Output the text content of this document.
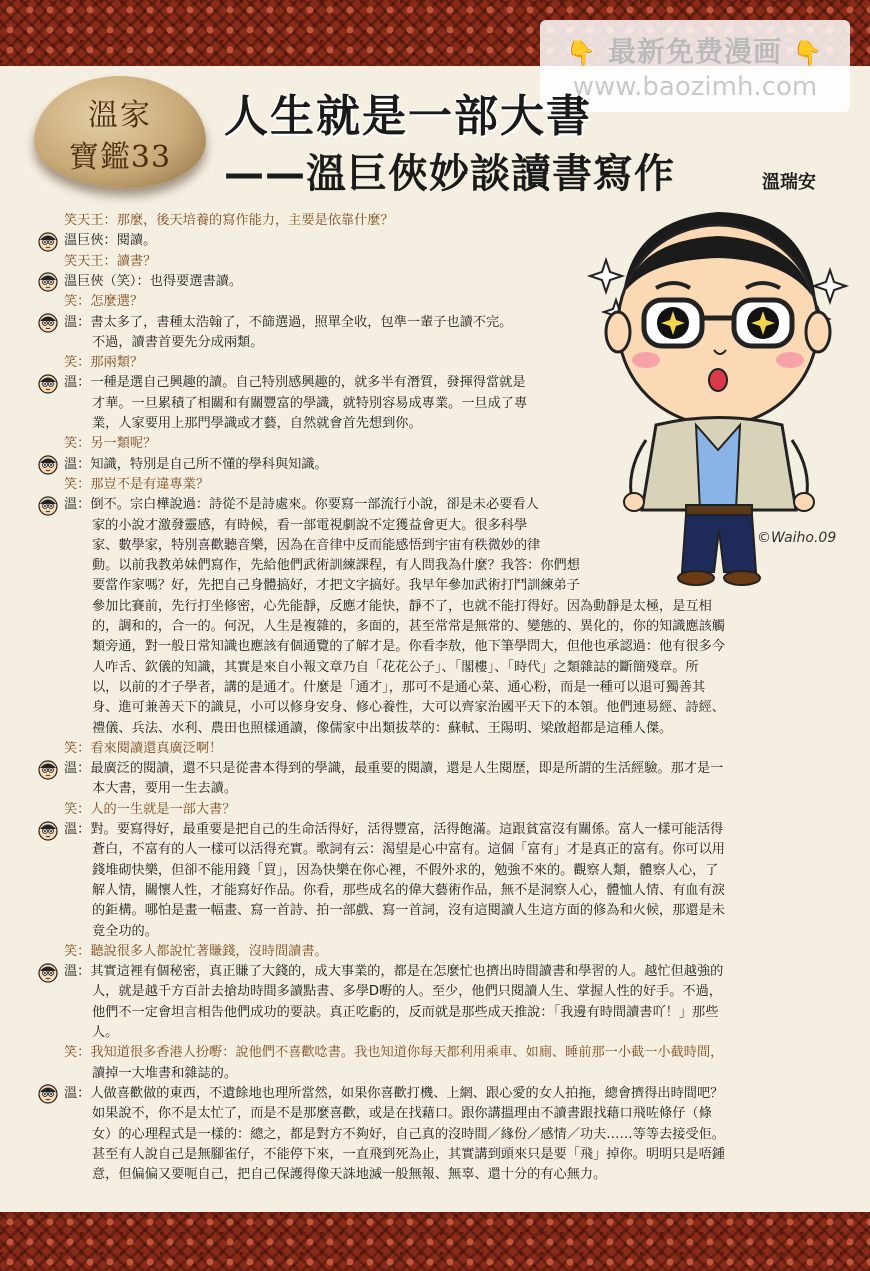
👇 最新免费漫画 👇
www.baozimh.com
溫家
寶鑑33
人生就是一部大書
——溫巨俠妙談讀書寫作	溫瑞安
©Waiho.09
笑天王：那麼，後天培養的寫作能力，主要是依靠什麼？
溫巨俠：閱讀。
笑天王：讀書？
溫巨俠（笑）：也得要選書讀。
笑：怎麼選？
溫：書太多了，書種太浩翰了，不篩選過，照單全收，包準一輩子也讀不完。
不過，讀書首要先分成兩類。
笑：那兩類？
溫：一種是選自己興趣的讀。自己特別感興趣的，就多半有潛質，發揮得當就是
才華。一旦累積了相關和有關豐富的學識，就特別容易成專業。一旦成了專
業，人家要用上那門學識或才藝，自然就會首先想到你。
笑：另一類呢？
溫：知識，特別是自己所不懂的學科與知識。
笑：那豈不是有違專業？
溫：倒不。宗白樺說過：詩從不是詩處來。你要寫一部流行小說，卻是未必要看人
家的小說才激發靈感，有時候，看一部電視劇說不定獲益會更大。很多科學
家、數學家，特別喜歡聽音樂，因為在音律中反而能感悟到宇宙有秩微妙的律
動。以前我教弟妹們寫作，先給他們武術訓練課程，有人問我為什麼？我答：你們想
要當作家嗎？好，先把自己身體搞好，才把文字搞好。我早年參加武術打鬥訓練弟子
參加比賽前，先行打坐修密，心先能靜，反應才能快，靜不了，也就不能打得好。因為動靜是太極，是互相
的，調和的，合一的。何況，人生是複雜的，多面的，甚至常常是無常的、變態的、異化的，你的知識應該觸
類旁通，對一般日常知識也應該有個通覽的了解才是。你看李敖，他下筆學問大，但他也承認過：他有很多今
人咋舌、欽儀的知識，其實是來自小報文章乃自「花花公子」、「閣樓」、「時代」之類雜誌的斷簡殘章。所
以，以前的才子學者，講的是通才。什麼是「通才」，那可不是通心菜、通心粉，而是一種可以退可獨善其
身、進可兼善天下的識見，小可以修身安身、修心養性，大可以齊家治國平天下的本領。他們連易經、詩經、
禮儀、兵法、水利、農田也照樣通讀，像儒家中出類拔萃的：蘇軾、王陽明、梁啟超都是這種人傑。
笑：看來閱讀還真廣泛啊！
溫：最廣泛的閱讀，還不只是從書本得到的學識，最重要的閱讀，還是人生閱歷，即是所謂的生活經驗。那才是一
本大書，要用一生去讀。
笑：人的一生就是一部大書？
溫：對。要寫得好，最重要是把自己的生命活得好，活得豐富，活得飽滿。這跟貧富沒有關係。富人一樣可能活得
蒼白，不富有的人一樣可以活得充實。歌詞有云：渴望是心中富有。這個「富有」才是真正的富有。你可以用
錢堆砌快樂，但卻不能用錢「買」，因為快樂在你心裡，不假外求的，勉強不來的。觀察人類，體察人心，了
解人情，關懷人性，才能寫好作品。你看，那些成名的偉大藝術作品，無不是洞察人心，體恤人情、有血有淚
的鉅構。哪怕是畫一幅畫、寫一首詩、拍一部戲、寫一首詞，沒有這閱讀人生這方面的修為和火候，那還是未
竟全功的。
笑：聽說很多人都說忙著賺錢，沒時間讀書。
溫：其實這裡有個秘密，真正賺了大錢的，成大事業的，都是在怎麼忙也擠出時間讀書和學習的人。越忙但越強的
人，就是越千方百計去搶劫時間多讀點書、多學D嘢的人。至少，他們只閱讀人生、掌握人性的好手。不過，
他們不一定會坦言相告他們成功的要訣。真正吃虧的，反而就是那些成天推說：「我邊有時間讀書吖！」那些
人。
笑：我知道很多香港人扮嘢：說他們不喜歡唸書。我也知道你每天都利用乘車、如廁、睡前那一小截一小截時間，
讀掉一大堆書和雜誌的。
溫：人做喜歡做的東西，不遺餘地也理所當然，如果你喜歡打機、上網、跟心愛的女人拍拖，總會擠得出時間吧？
如果說不，你不是太忙了，而是不是那麼喜歡，或是在找藉口。跟你講搵理由不讀書跟找藉口飛咗條仔（條
女）的心理程式是一樣的：總之，都是對方不夠好，自己真的沒時間／緣份／感情／功夫……等等去接受佢。
甚至有人說自己是無腳雀仔，不能停下來，一直飛到死為止，其實講到頭來只是要「飛」掉你。明明只是唔鍾
意，但偏偏又要呃自己，把自己保護得像天誅地滅一般無報、無辜、還十分的有心無力。
